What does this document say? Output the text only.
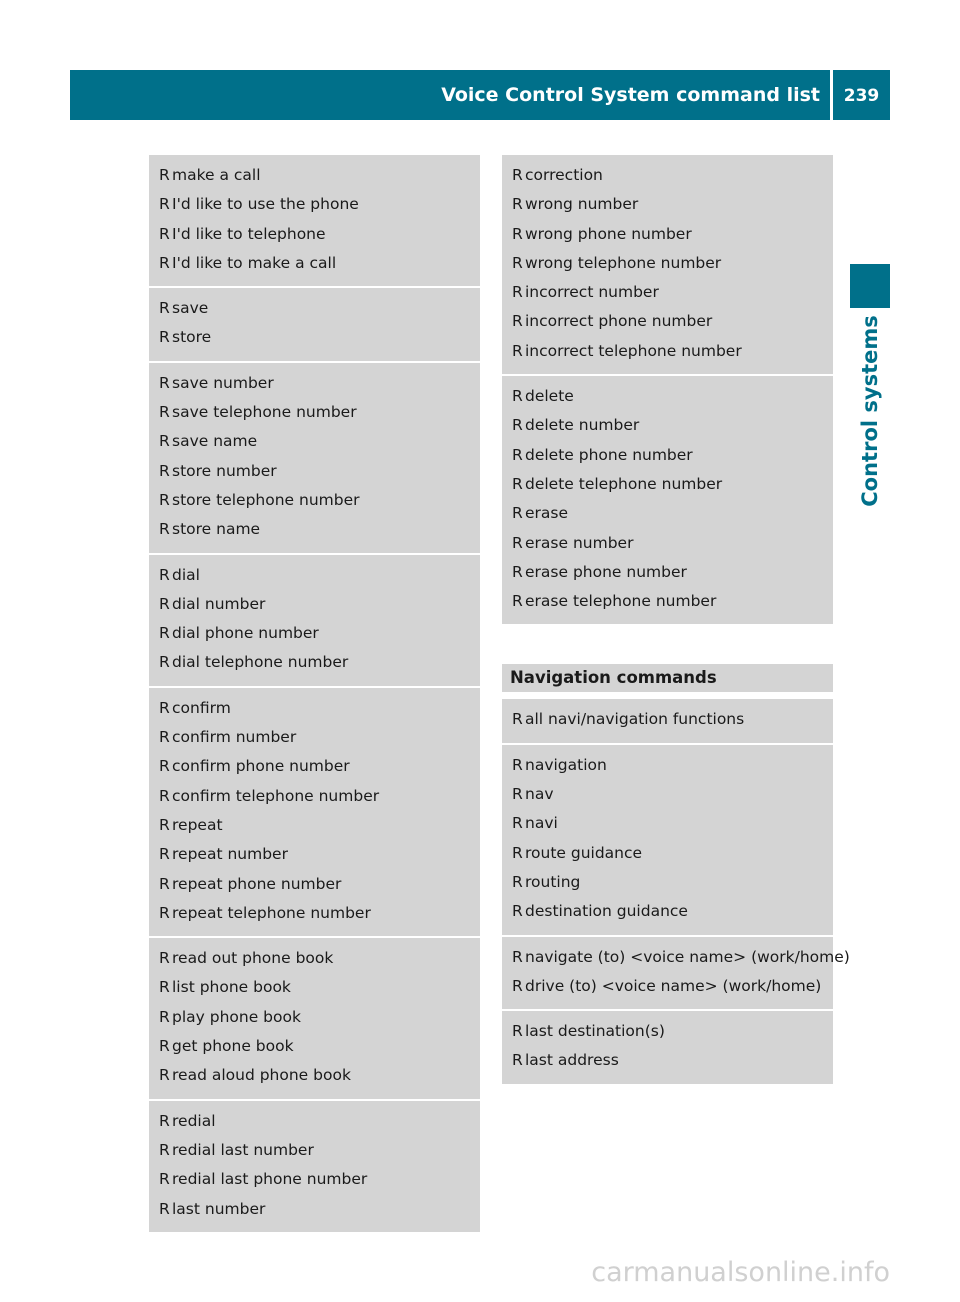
Voice Control System command list	239
Control systems
R make a call
R I'd like to use the phone
R I'd like to telephone
R I'd like to make a call
R save
R store
R save number
R save telephone number
R save name
R store number
R store telephone number
R store name
R dial
R dial number
R dial phone number
R dial telephone number
R confirm
R confirm number
R confirm phone number
R confirm telephone number
R repeat
R repeat number
R repeat phone number
R repeat telephone number
R read out phone book
R list phone book
R play phone book
R get phone book
R read aloud phone book
R redial
R redial last number
R redial last phone number
R last number
R correction
R wrong number
R wrong phone number
R wrong telephone number
R incorrect number
R incorrect phone number
R incorrect telephone number
R delete
R delete number
R delete phone number
R delete telephone number
R erase
R erase number
R erase phone number
R erase telephone number
Navigation commands
R all navi/navigation functions
R navigation
R nav
R navi
R route guidance
R routing
R destination guidance
R navigate (to) <voice name> (work/home)
R drive (to) <voice name> (work/home)
R last destination(s)
R last address
carmanualsonline.info
